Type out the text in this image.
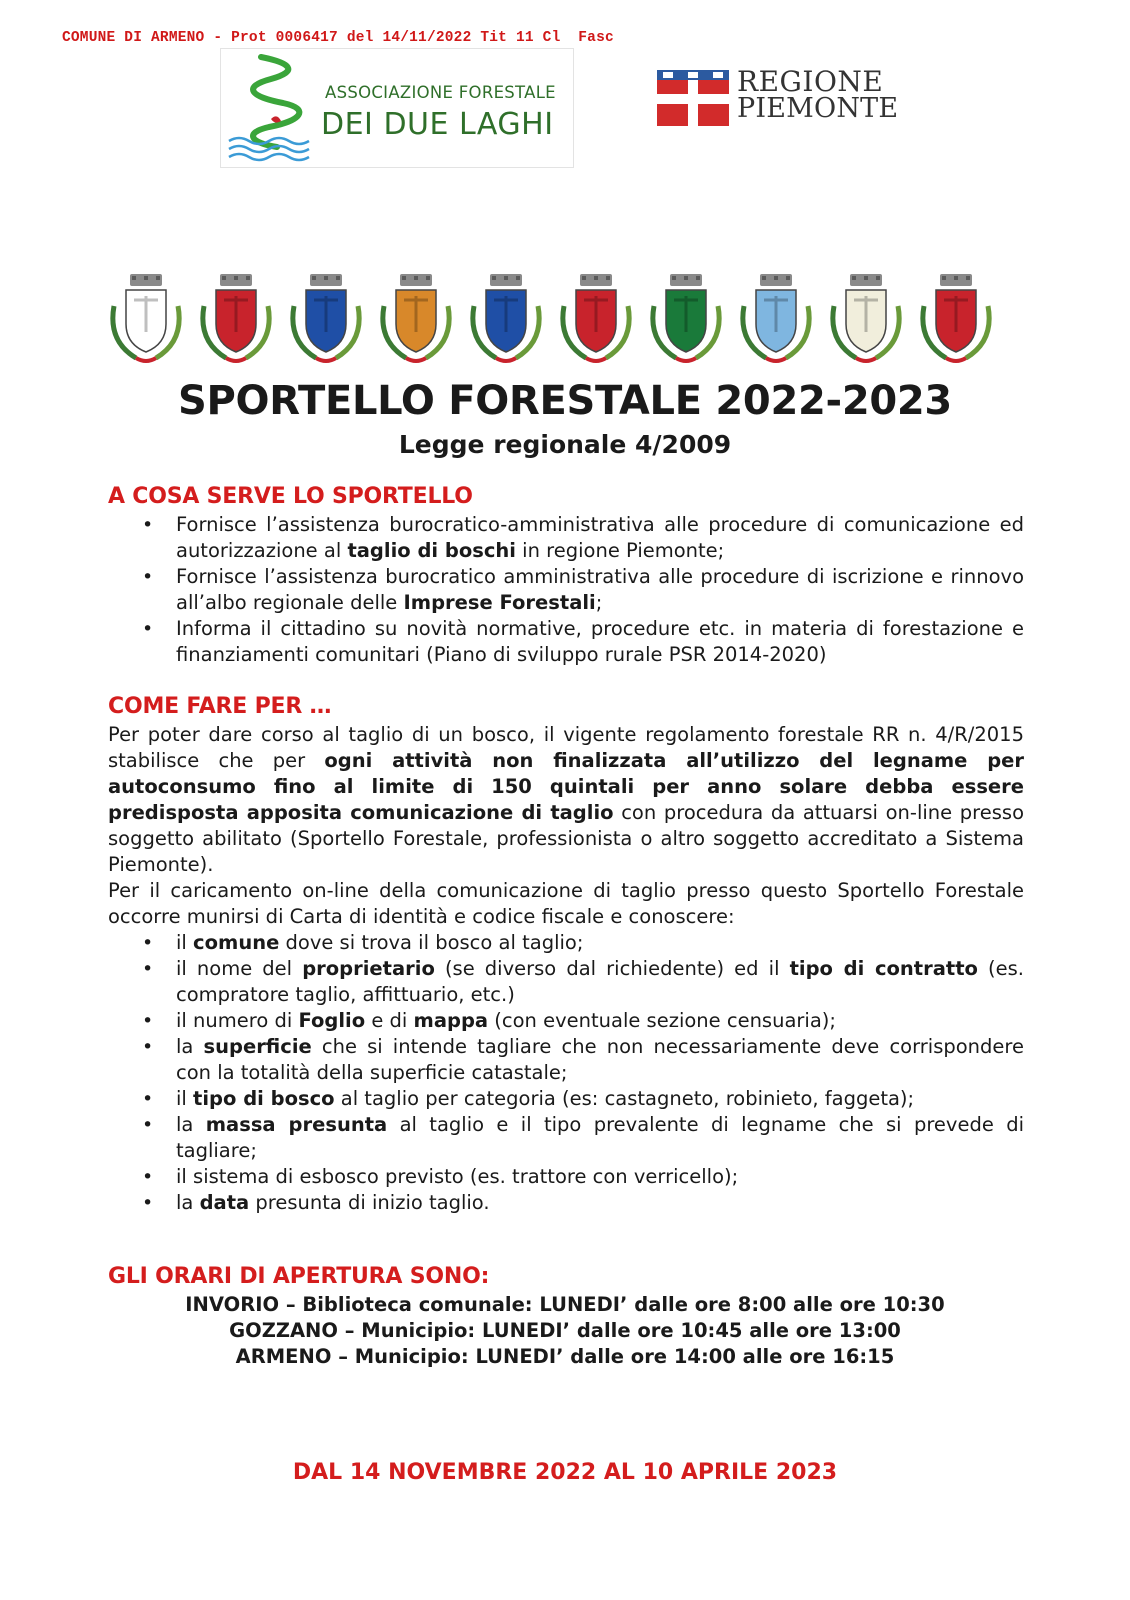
COMUNE DI ARMENO - Prot 0006417 del 14/11/2022 Tit 11 Cl  Fasc
ASSOCIAZIONE FORESTALE
DEI DUE LAGHI
REGIONE
PIEMONTE
SPORTELLO FORESTALE 2022-2023
Legge regionale 4/2009
A COSA SERVE LO SPORTELLO
• Fornisce l’assistenza burocratico-amministrativa alle procedure di comunicazione ed autorizzazione al taglio di boschi in regione Piemonte;
• Fornisce l’assistenza burocratico amministrativa alle procedure di iscrizione e rinnovo all’albo regionale delle Imprese Forestali;
• Informa il cittadino su novità normative, procedure etc. in materia di forestazione e finanziamenti comunitari (Piano di sviluppo rurale PSR 2014-2020)
COME FARE PER …
Per poter dare corso al taglio di un bosco, il vigente regolamento forestale RR n. 4/R/2015 stabilisce che per ogni attività non finalizzata all’utilizzo del legname per autoconsumo fino al limite di 150 quintali per anno solare debba essere predisposta apposita comunicazione di taglio con procedura da attuarsi on-line presso soggetto abilitato (Sportello Forestale, professionista o altro soggetto accreditato a Sistema Piemonte).
Per il caricamento on-line della comunicazione di taglio presso questo Sportello Forestale occorre munirsi di Carta di identità e codice fiscale e conoscere:
• il comune dove si trova il bosco al taglio;
• il nome del proprietario (se diverso dal richiedente) ed il tipo di contratto (es. compratore taglio, affittuario, etc.)
• il numero di Foglio e di mappa (con eventuale sezione censuaria);
• la superficie che si intende tagliare che non necessariamente deve corrispondere con la totalità della superficie catastale;
• il tipo di bosco al taglio per categoria (es: castagneto, robinieto, faggeta);
• la massa presunta al taglio e il tipo prevalente di legname che si prevede di tagliare;
• il sistema di esbosco previsto (es. trattore con verricello);
• la data presunta di inizio taglio.
GLI ORARI DI APERTURA SONO:
INVORIO – Biblioteca comunale: LUNEDI’ dalle ore 8:00 alle ore 10:30
GOZZANO – Municipio: LUNEDI’ dalle ore 10:45 alle ore 13:00
ARMENO – Municipio: LUNEDI’ dalle ore 14:00 alle ore 16:15
DAL 14 NOVEMBRE 2022 AL 10 APRILE 2023
